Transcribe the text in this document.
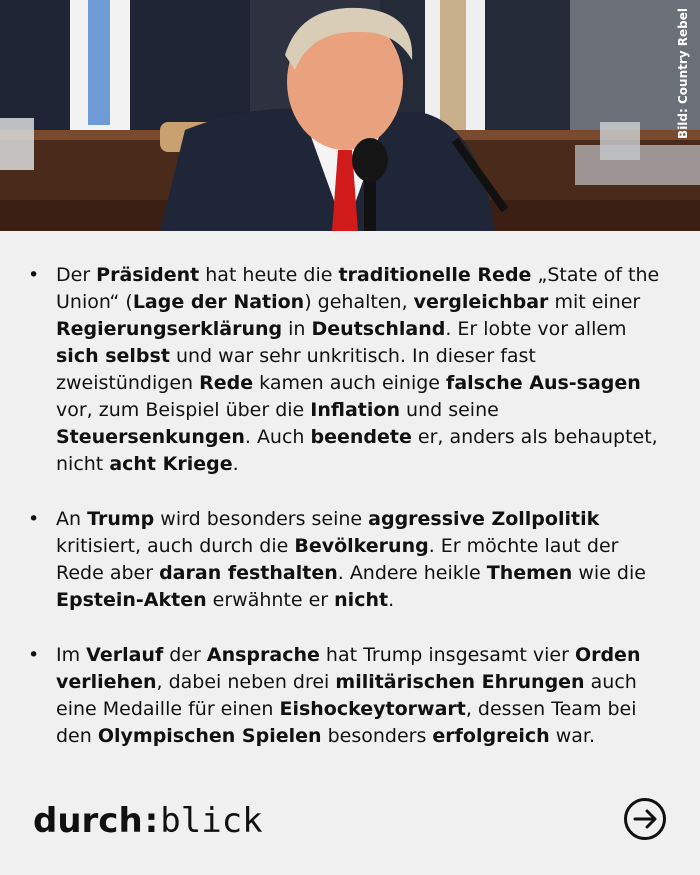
Bild: Country Rebel
• Der Präsident hat heute die traditionelle Rede „State of the Union“ (Lage der Nation) gehalten, vergleichbar mit einer Regierungserklärung in Deutschland. Er lobte vor allem sich selbst und war sehr unkritisch. In dieser fast zweistündigen Rede kamen auch einige falsche Aus-sagen vor, zum Beispiel über die Inflation und seine Steuersenkungen. Auch beendete er, anders als behauptet, nicht acht Kriege.
• An Trump wird besonders seine aggressive Zollpolitik kritisiert, auch durch die Bevölkerung. Er möchte laut der Rede aber daran festhalten. Andere heikle Themen wie die Epstein-Akten erwähnte er nicht.
• Im Verlauf der Ansprache hat Trump insgesamt vier Orden verliehen, dabei neben drei militärischen Ehrungen auch eine Medaille für einen Eishockeytorwart, dessen Team bei den Olympischen Spielen besonders erfolgreich war.
durch:blick
